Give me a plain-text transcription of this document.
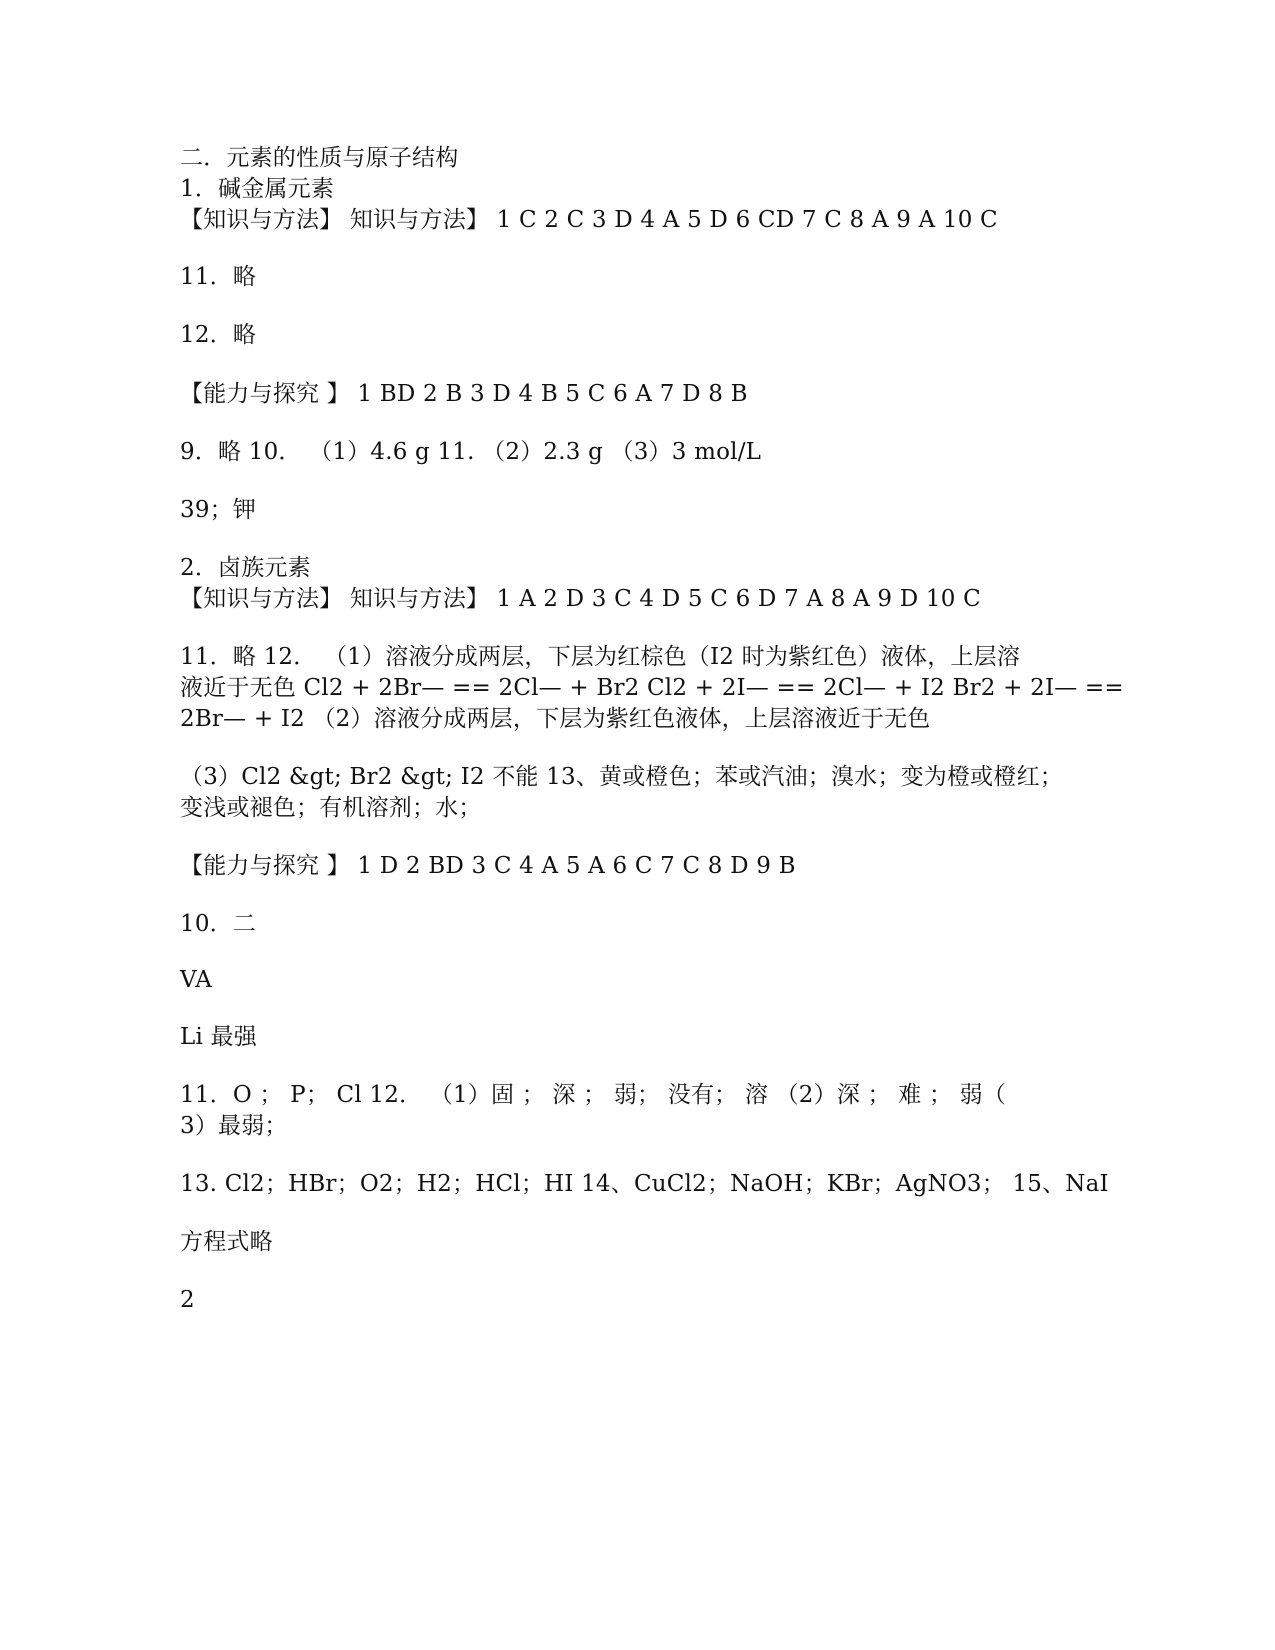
二．元素的性质与原子结构
1．碱金属元素
【知识与方法】 知识与方法】 1 C 2 C 3 D 4 A 5 D 6 CD 7 C 8 A 9 A 10 C
11．略
12．略
【能力与探究 】 1 BD 2 B 3 D 4 B 5 C 6 A 7 D 8 B
9．略 10． （1）4.6 g 11. （2）2.3 g （3）3 mol/L
39；钾
2．卤族元素
【知识与方法】 知识与方法】 1 A 2 D 3 C 4 D 5 C 6 D 7 A 8 A 9 D 10 C
11．略 12． （1）溶液分成两层，下层为红棕色（I2 时为紫红色）液体，上层溶
液近于无色 Cl2 + 2Br— == 2Cl— + Br2 Cl2 + 2I— == 2Cl— + I2 Br2 + 2I— ==
2Br— + I2 （2）溶液分成两层，下层为紫红色液体，上层溶液近于无色
（3）Cl2 &gt; Br2 &gt; I2 不能 13、黄或橙色；苯或汽油；溴水；变为橙或橙红；
变浅或褪色；有机溶剂；水；
【能力与探究 】 1 D 2 BD 3 C 4 A 5 A 6 C 7 C 8 D 9 B
10．二
VA
Li 最强
11．O ； P； Cl 12． （1）固 ； 深 ； 弱； 没有； 溶 （2）深 ； 难 ； 弱（
3）最弱；
13. Cl2；HBr；O2；H2；HCl；HI 14、CuCl2；NaOH；KBr；AgNO3； 15、NaI
方程式略
2
